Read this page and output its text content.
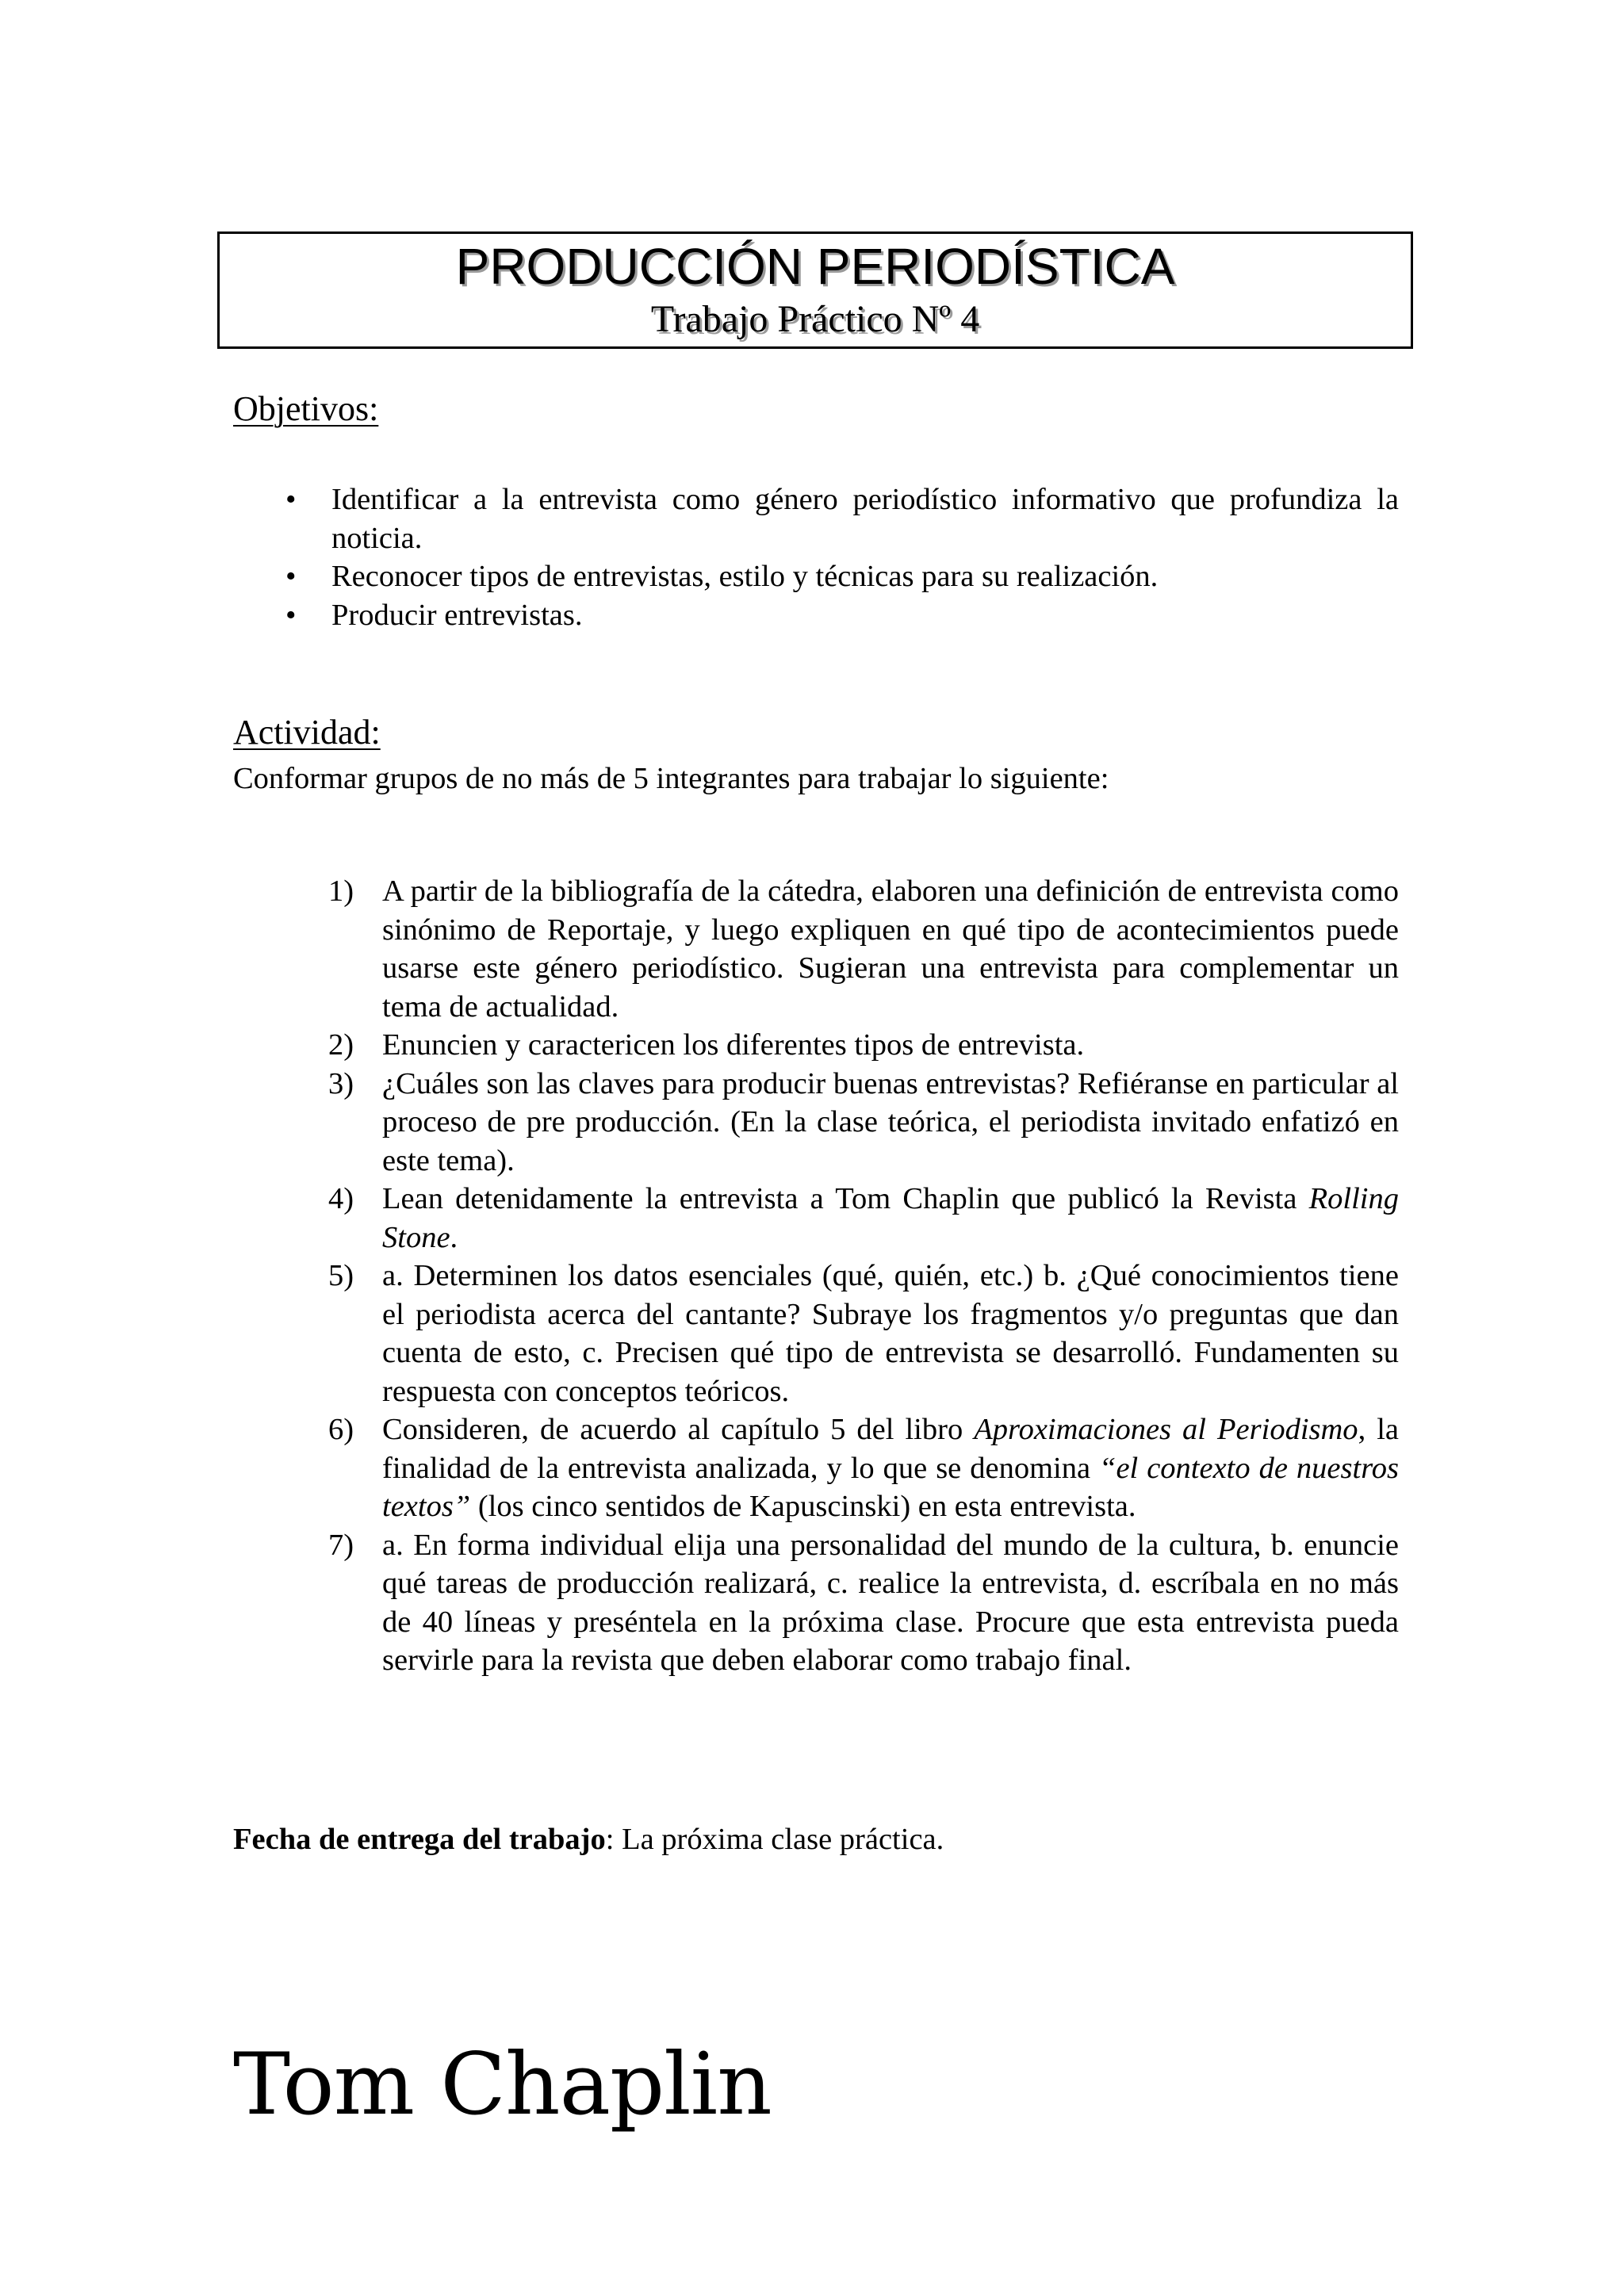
PRODUCCIÓN PERIODÍSTICA
Trabajo Práctico Nº 4
Objetivos:
• Identificar a la entrevista como género periodístico informativo que profundiza la noticia.
• Reconocer tipos de entrevistas, estilo y técnicas para su realización.
• Producir entrevistas.
Actividad:
Conformar grupos de no más de 5 integrantes para trabajar lo siguiente:
1) A partir de la bibliografía de la cátedra, elaboren una definición de entrevista como sinónimo de Reportaje, y luego expliquen en qué tipo de acontecimientos puede usarse este género periodístico. Sugieran una entrevista para complementar un tema de actualidad.
2) Enuncien y caractericen los diferentes tipos de entrevista.
3) ¿Cuáles son las claves para producir buenas entrevistas? Refiéranse en particular al proceso de pre producción. (En la clase teórica, el periodista invitado enfatizó en este tema).
4) Lean detenidamente la entrevista a Tom Chaplin que publicó la Revista Rolling Stone.
5) a. Determinen los datos esenciales (qué, quién, etc.) b. ¿Qué conocimientos tiene el periodista acerca del cantante? Subraye los fragmentos y/o preguntas que dan cuenta de esto, c. Precisen qué tipo de entrevista se desarrolló. Fundamenten su respuesta con conceptos teóricos.
6) Consideren, de acuerdo al capítulo 5 del libro Aproximaciones al Periodismo, la finalidad de la entrevista analizada, y lo que se denomina “el contexto de nuestros textos” (los cinco sentidos de Kapuscinski) en esta entrevista.
7) a. En forma individual elija una personalidad del mundo de la cultura, b. enuncie qué tareas de producción realizará, c. realice la entrevista, d. escríbala en no más de 40 líneas y preséntela en la próxima clase. Procure que esta entrevista pueda servirle para la revista que deben elaborar como trabajo final.
Fecha de entrega del trabajo: La próxima clase práctica.
Tom Chaplin
